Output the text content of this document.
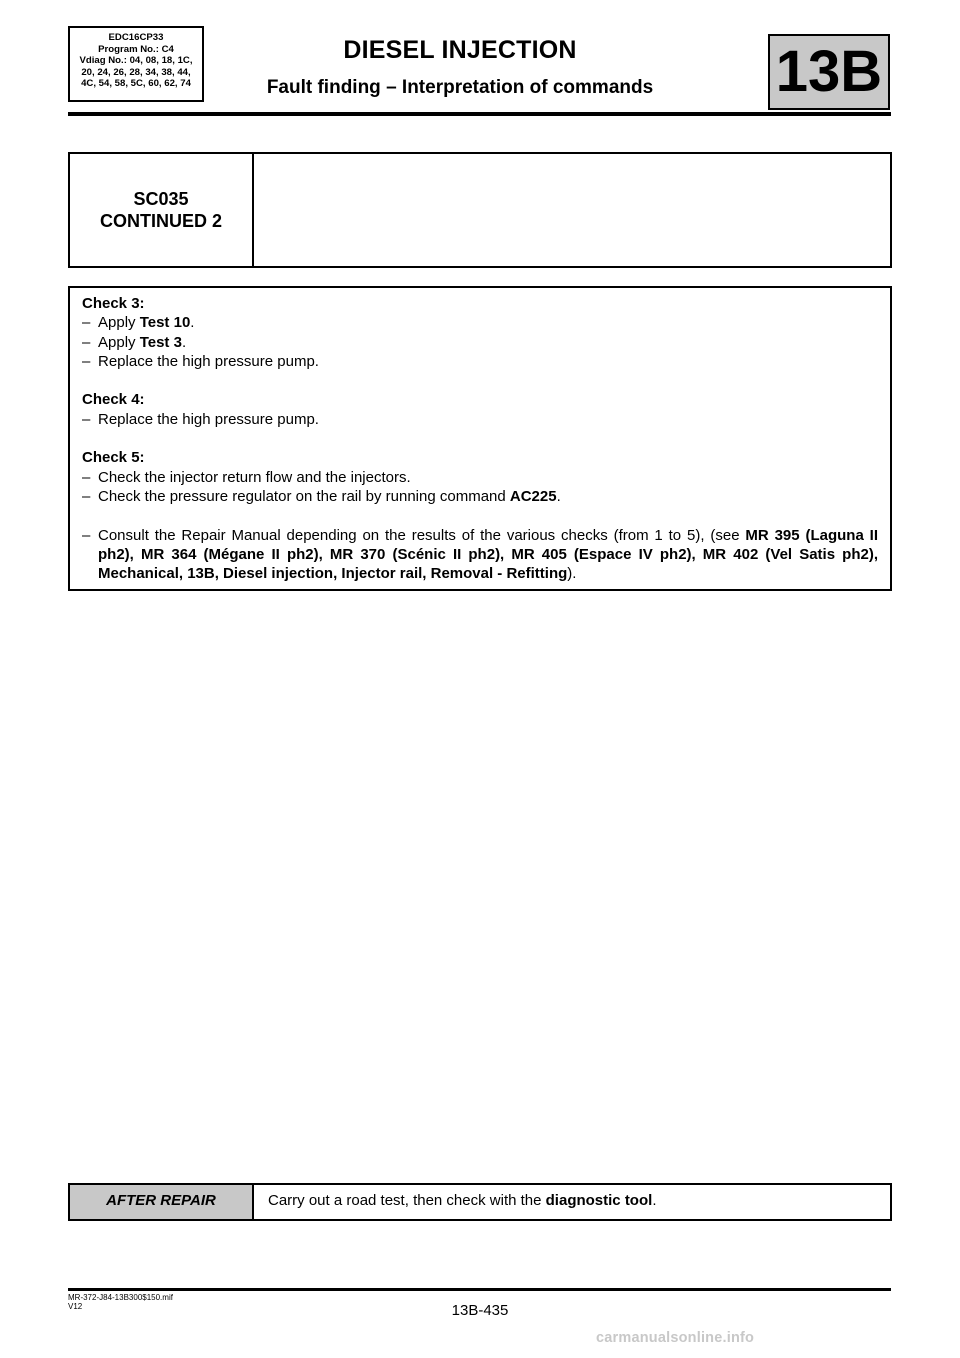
EDC16CP33
Program No.: C4
Vdiag No.: 04, 08, 18, 1C,
20, 24, 26, 28, 34, 38, 44,
4C, 54, 58, 5C, 60, 62, 74
DIESEL INJECTION
Fault finding – Interpretation of commands	13B
SC035
CONTINUED 2
Check 3:
– Apply Test 10.
– Apply Test 3.
– Replace the high pressure pump.
Check 4:
– Replace the high pressure pump.
Check 5:
– Check the injector return flow and the injectors.
– Check the pressure regulator on the rail by running command AC225.
– Consult the Repair Manual depending on the results of the various checks (from 1 to 5), (see MR 395 (Laguna II ph2), MR 364 (Mégane II ph2), MR 370 (Scénic II ph2), MR 405 (Espace IV ph2), MR 402 (Vel Satis ph2), Mechanical, 13B, Diesel injection, Injector rail, Removal - Refitting).
AFTER REPAIR	Carry out a road test, then check with the diagnostic tool.
MR-372-J84-13B300$150.mif
V12	13B-435
carmanualsonline.info
